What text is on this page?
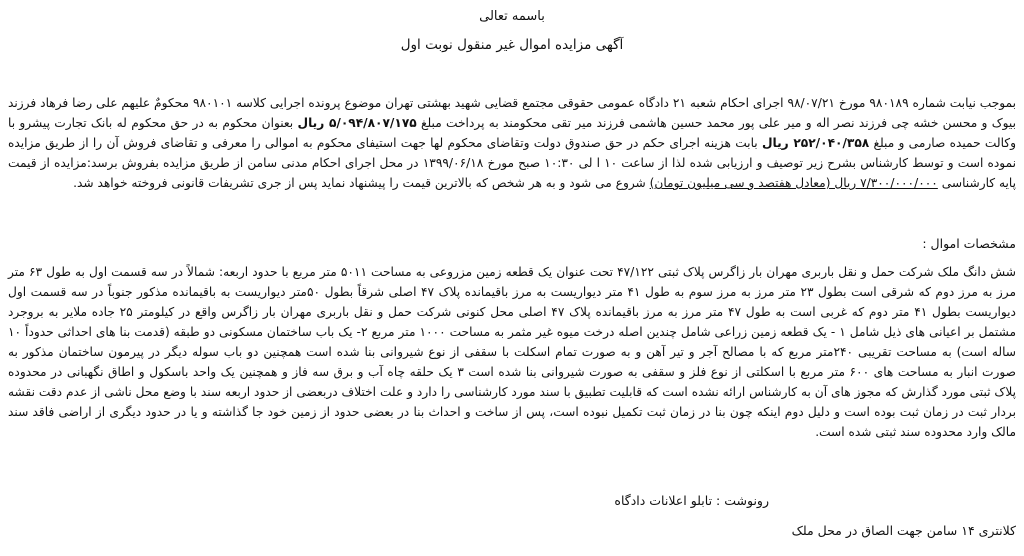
باسمه تعالی
آگهی مزایده اموال غیر منقول نوبت اول

بموجب نیابت شماره ۹۸۰۱۸۹ مورخ ۹۸/۰۷/۲۱ اجرای احکام شعبه ۲۱ دادگاه عمومی حقوقی مجتمع قضایی شهید بهشتی تهران موضوع پرونده اجرایی کلاسه ۹۸۰۱۰۱ محکومٌ علیهم علی رضا فرهاد فرزند بیوک و محسن خشه چی فرزند نصر اله و میر علی پور محمد حسین هاشمی فرزند میر تقی محکومند به پرداخت مبلغ ۵/۰۹۴/۸۰۷/۱۷۵ ریال بعنوان محکوم به در حق محکوم له بانک تجارت پیشرو با وکالت حمیده صارمی و مبلغ ۲۵۲/۰۴۰/۳۵۸ ریال بابت هزینه اجرای حکم در حق صندوق دولت وتقاضای محکوم لها جهت استیفای محکوم به اموالی را معرفی و تقاضای فروش آن را از طریق مزایده نموده است و توسط کارشناس بشرح زیر توصیف و ارزیابی شده لذا از ساعت ۱۰ ا لی ۱۰:۳۰ صبح مورخ ۱۳۹۹/۰۶/۱۸ در محل اجرای احکام مدنی سامن از طریق مزایده بفروش برسد:مزایده از قیمت پایه کارشناسی ۷/۳۰۰/۰۰۰/۰۰۰ ریال (معادل هفتصد و سی میلیون تومان) شروع می شود و به هر شخص که بالاترین قیمت را پیشنهاد نماید پس از جری تشریفات قانونی فروخته خواهد شد.

مشخصات اموال :

شش دانگ ملک شرکت حمل و نقل باربری مهران بار زاگرس پلاک ثبتی ۴۷/۱۲۲ تحت عنوان یک قطعه زمین مزروعی به مساحت ۵۰۱۱ متر مربع با حدود اربعه: شمالاً در سه قسمت اول به طول ۶۳ متر مرز به مرز دوم که شرقی است بطول ۲۳ متر مرز به مرز سوم به طول ۴۱ متر دیواریست به مرز باقیمانده پلاک ۴۷ اصلی شرقاً بطول ۵۰متر دیواریست به باقیمانده مذکور جنوباً در سه قسمت اول دیواریست بطول ۴۱ متر دوم که غربی است به طول ۴۷ متر مرز به مرز باقیمانده پلاک ۴۷ اصلی محل کنونی شرکت حمل و نقل باربری مهران بار زاگرس واقع در کیلومتر ۲۵ جاده ملایر به بروجرد مشتمل بر اعیانی های ذیل شامل ۱ - یک قطعه زمین زراعی شامل چندین اصله درخت میوه غیر مثمر به مساحت ۱۰۰۰ متر مربع ۲- یک باب ساختمان مسکونی دو طبقه (قدمت بنا های احداثی حدوداً ۱۰ ساله است) به مساحت تقریبی ۲۴۰متر مربع که با مصالح آجر و تیر آهن و به صورت تمام اسکلت با سقفی از نوع شیروانی بنا شده است همچنین دو باب سوله دیگر در پیرمون ساختمان مذکور به صورت انبار به مساحت های ۶۰۰ متر مربع با اسکلتی از نوع فلز و سقفی به صورت شیروانی بنا شده است ۳ یک حلقه چاه آب و برق سه فاز و همچنین یک واحد باسکول و اطاق نگهبانی در محدوده پلاک ثبتی مورد گذارش که مجوز های آن به کارشناس ارائه نشده است که قابلیت تطبیق با سند مورد کارشناسی را دارد و علت اختلاف دربعضی از حدود اربعه سند با وضع محل ناشی از عدم دقت نقشه بردار ثبت در زمان ثبت بوده است و دلیل دوم اینکه چون بنا در زمان ثبت تکمیل نبوده است، پس از ساخت و احداث بنا در بعضی حدود از زمین خود جا گذاشته و یا در حدود دیگری از اراضی فاقد سند مالک وارد محدوده سند ثبتی شده است.

رونوشت : تابلو اعلانات دادگاه
کلانتری ۱۴ سامن جهت الصاق در محل ملک
